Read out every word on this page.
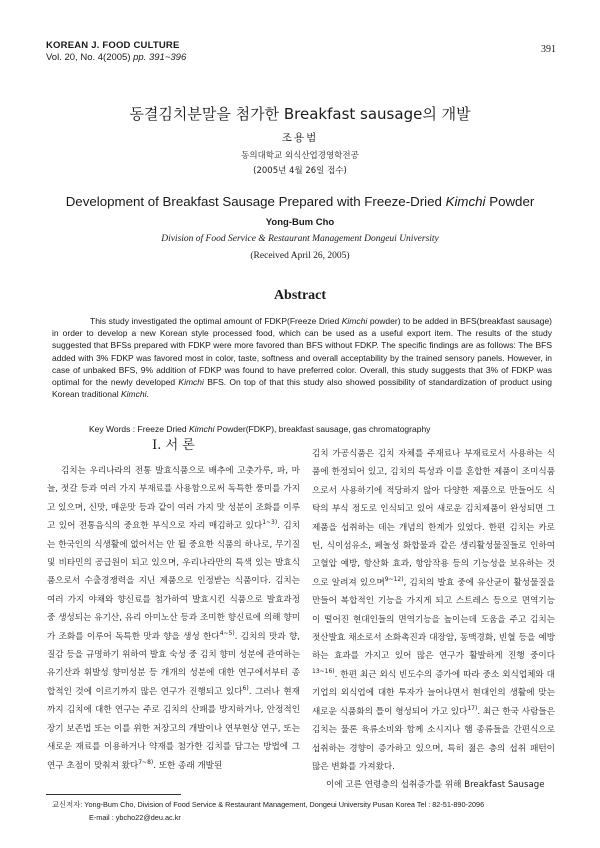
KOREAN J. FOOD CULTURE
Vol. 20, No. 4(2005) pp. 391~396
391
동결김치분말을 첨가한 Breakfast sausage의 개발
조용범
동의대학교 외식산업경영학전공
(2005년 4월 26일 접수)
Development of Breakfast Sausage Prepared with Freeze-Dried Kimchi Powder
Yong-Bum Cho
Division of Food Service & Restaurant Management Dongeui University
(Received April 26, 2005)
Abstract
This study investigated the optimal amount of FDKP(Freeze Dried Kimchi powder) to be added in BFS(breakfast sausage) in order to develop a new Korean style processed food, which can be used as a useful export item. The results of the study suggested that BFSs prepared with FDKP were more favored than BFS without FDKP. The specific findings are as follows: The BFS added with 3% FDKP was favored most in color, taste, softness and overall acceptability by the trained sensory panels. However, in case of unbaked BFS, 9% addition of FDKP was found to have preferred color. Overall, this study suggests that 3% of FDKP was optimal for the newly developed Kimchi BFS. On top of that this study also showed possibility of standardization of product using Korean traditional Kimchi.
Key Words : Freeze Dried Kimchi Powder(FDKP), breakfast sausage, gas chromatography
I. 서 론
김치는 우리나라의 전통 발효식품으로 배추에 고춧가루, 파, 마늘, 젓갈 등과 여러 가지 부재료를 사용함으로써 독특한 풍미를 가지고 있으며, 신맛, 매운맛 등과 같이 여러 가지 맛 성분이 조화를 이루고 있어 전통음식의 중요한 부식으로 자리 매김하고 있다$^{1\sim 3)}$. 김치는 한국인의 식생활에 없어서는 안 될 중요한 식품의 하나로, 무기질 및 비타민의 공급원이 되고 있으며, 우리나라만의 특색 있는 발효식품으로서 수출경쟁력을 지닌 제품으로 인정받는 식품이다. 김치는 여러 가지 야채와 향신료를 첨가하여 발효시킨 식품으로 발효과정 중 생성되는 유기산, 유리 아미노산 등과 조미한 향신료에 의해 향미가 조화를 이루어 독특한 맛과 향을 생성 한다$^{4\sim 5)}$. 김치의 맛과 향, 질감 등을 규명하기 위하여 발효 숙성 중 김치 향미 성분에 관여하는 유기산과 휘발성 향미성분 등 개개의 성분에 대한 연구에서부터 종합적인 것에 이르기까지 많은 연구가 진행되고 있다$^{6)}$. 그러나 현재까지 김치에 대한 연구는 주로 김치의 산패를 방지하거나, 안정적인 장기 보존법 또는 이를 위한 저장고의 개발이나 연부현상 연구, 또는 새로운 재료를 이용하거나 약재를 첨가한 김치를 담그는 방법에 그 연구 초점이 맞춰져 왔다$^{7\sim 8)}$. 또한 종래 개발된
김치 가공식품은 김치 자체를 주재료나 부재료로서 사용하는 식품에 한정되어 있고, 김치의 특성과 이를 혼합한 제품이 조미식품으로서 사용하기에 적당하지 않아 다양한 제품으로 만들어도 식탁의 부식 정도로 인식되고 있어 새로운 김치제품이 완성되면 그 제품을 섭취하는 데는 개념의 한계가 있었다. 한편 김치는 카로틴, 식이섬유소, 페놀성 화합물과 같은 생리활성물질들로 인하여 고혈압 예방, 항산화 효과, 항암작용 등의 기능성을 보유하는 것으로 알려져 있으며$^{9\sim 12)}$, 김치의 발효 중에 유산균이 활성물질을 만들어 복합적인 기능을 가지게 되고 스트레스 등으로 면역기능이 떨어진 현대인들의 면역기능을 높이는데 도움을 주고 김치는 젓산발효 채소로서 소화촉진과 대장암, 동맥경화, 빈혈 등을 예방하는 효과를 가지고 있어 많은 연구가 활발하게 진행 중이다$^{13\sim 16)}$. 한편 최근 외식 빈도수의 증가에 따라 중소 외식업체와 대기업의 외식업에 대한 투자가 늘어나면서 현대인의 생활에 맞는 새로운 식품화의 틀이 형성되어 가고 있다$^{17)}$. 최근 한국 사람들은 김치는 물론 육류소비와 함께 소시지나 햄 종류들을 간편식으로 섭취하는 경향이 증가하고 있으며, 특히 젊은 층의 섭취 패턴이 많은 변화를 가져왔다.
이에 고른 연령층의 섭취증가를 위해 Breakfast Sausage
교신저자: Yong-Bum Cho, Division of Food Service & Restaurant Management, Dongeui University Pusan Korea Tel : 82-51-890-2096
E-mail : ybcho22@deu.ac.kr
